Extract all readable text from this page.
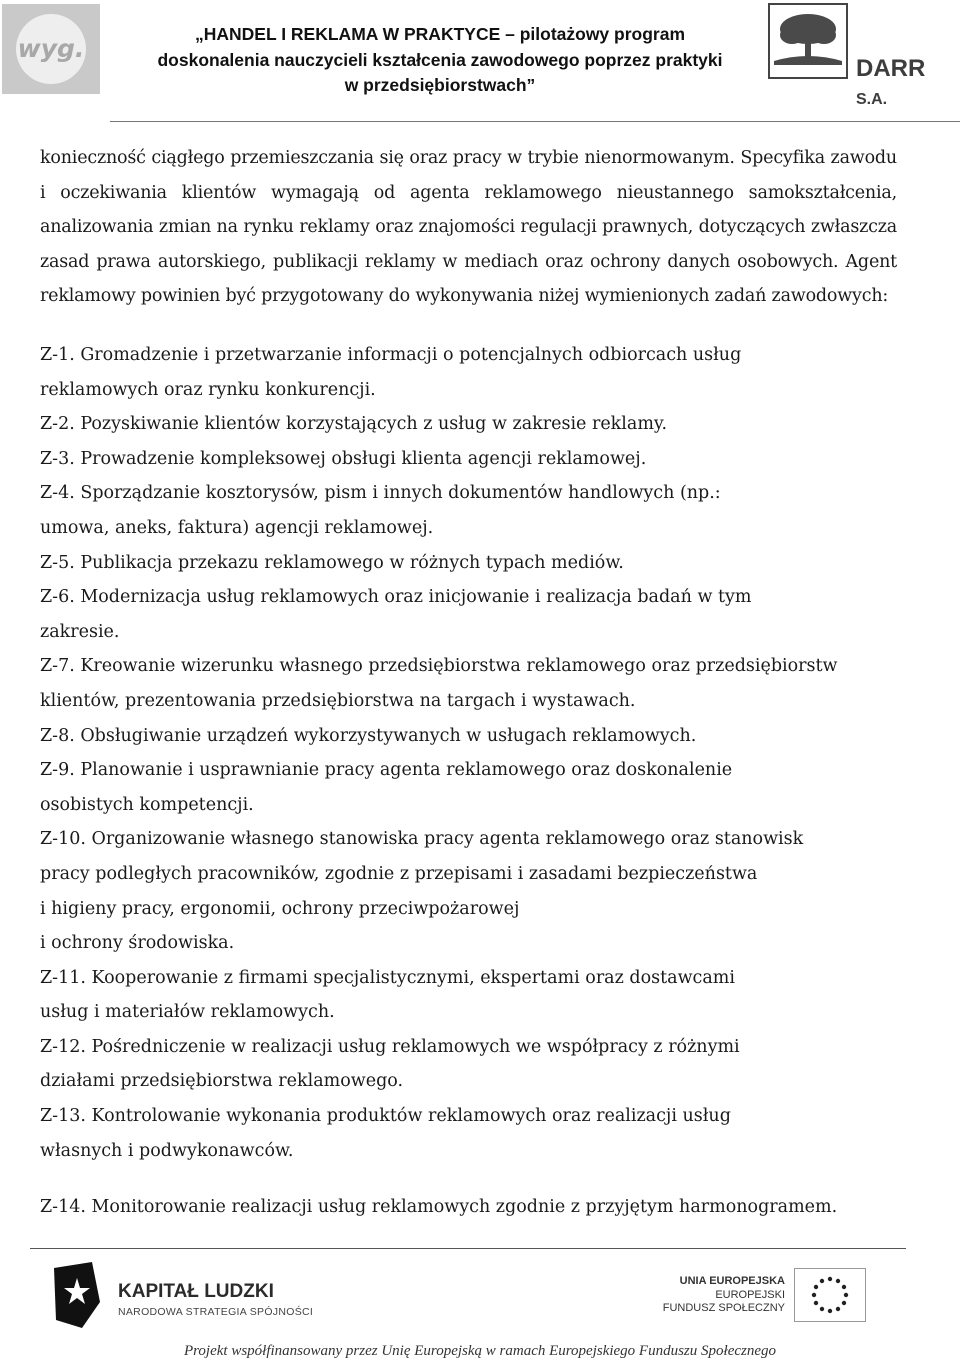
wyg.	„HANDEL I REKLAMA W PRAKTYCE – pilotażowy program
doskonalenia nauczycieli kształcenia zawodowego poprzez praktyki
w przedsiębiorstwach”
DARR S.A.
konieczność ciągłego przemieszczania się oraz pracy w trybie nienormowanym. Specyfika zawodu
i oczekiwania klientów wymagają od agenta reklamowego nieustannego samokształcenia,
analizowania zmian na rynku reklamy oraz znajomości regulacji prawnych, dotyczących zwłaszcza
zasad prawa autorskiego, publikacji reklamy w mediach oraz ochrony danych osobowych. Agent
reklamowy powinien być przygotowany do wykonywania niżej wymienionych zadań zawodowych:
Z-1. Gromadzenie i przetwarzanie informacji o potencjalnych odbiorcach usług
reklamowych oraz rynku konkurencji.
Z-2. Pozyskiwanie klientów korzystających z usług w zakresie reklamy.
Z-3. Prowadzenie kompleksowej obsługi klienta agencji reklamowej.
Z-4. Sporządzanie kosztorysów, pism i innych dokumentów handlowych (np.:
umowa, aneks, faktura) agencji reklamowej.
Z-5. Publikacja przekazu reklamowego w różnych typach mediów.
Z-6. Modernizacja usług reklamowych oraz inicjowanie i realizacja badań w tym
zakresie.
Z-7. Kreowanie wizerunku własnego przedsiębiorstwa reklamowego oraz przedsiębiorstw
klientów, prezentowania przedsiębiorstwa na targach i wystawach.
Z-8. Obsługiwanie urządzeń wykorzystywanych w usługach reklamowych.
Z-9. Planowanie i usprawnianie pracy agenta reklamowego oraz doskonalenie
osobistych kompetencji.
Z-10. Organizowanie własnego stanowiska pracy agenta reklamowego oraz stanowisk
pracy podległych pracowników, zgodnie z przepisami i zasadami bezpieczeństwa
i higieny pracy, ergonomii, ochrony przeciwpożarowej
i ochrony środowiska.
Z-11. Kooperowanie z firmami specjalistycznymi, ekspertami oraz dostawcami
usług i materiałów reklamowych.
Z-12. Pośredniczenie w realizacji usług reklamowych we współpracy z różnymi
działami przedsiębiorstwa reklamowego.
Z-13. Kontrolowanie wykonania produktów reklamowych oraz realizacji usług
własnych i podwykonawców.
Z-14. Monitorowanie realizacji usług reklamowych zgodnie z przyjętym harmonogramem.
KAPITAŁ LUDZKI
NARODOWA STRATEGIA SPÓJNOŚCI
UNIA EUROPEJSKA
EUROPEJSKI
FUNDUSZ SPOŁECZNY
Projekt współfinansowany przez Unię Europejską w ramach Europejskiego Funduszu Społecznego
